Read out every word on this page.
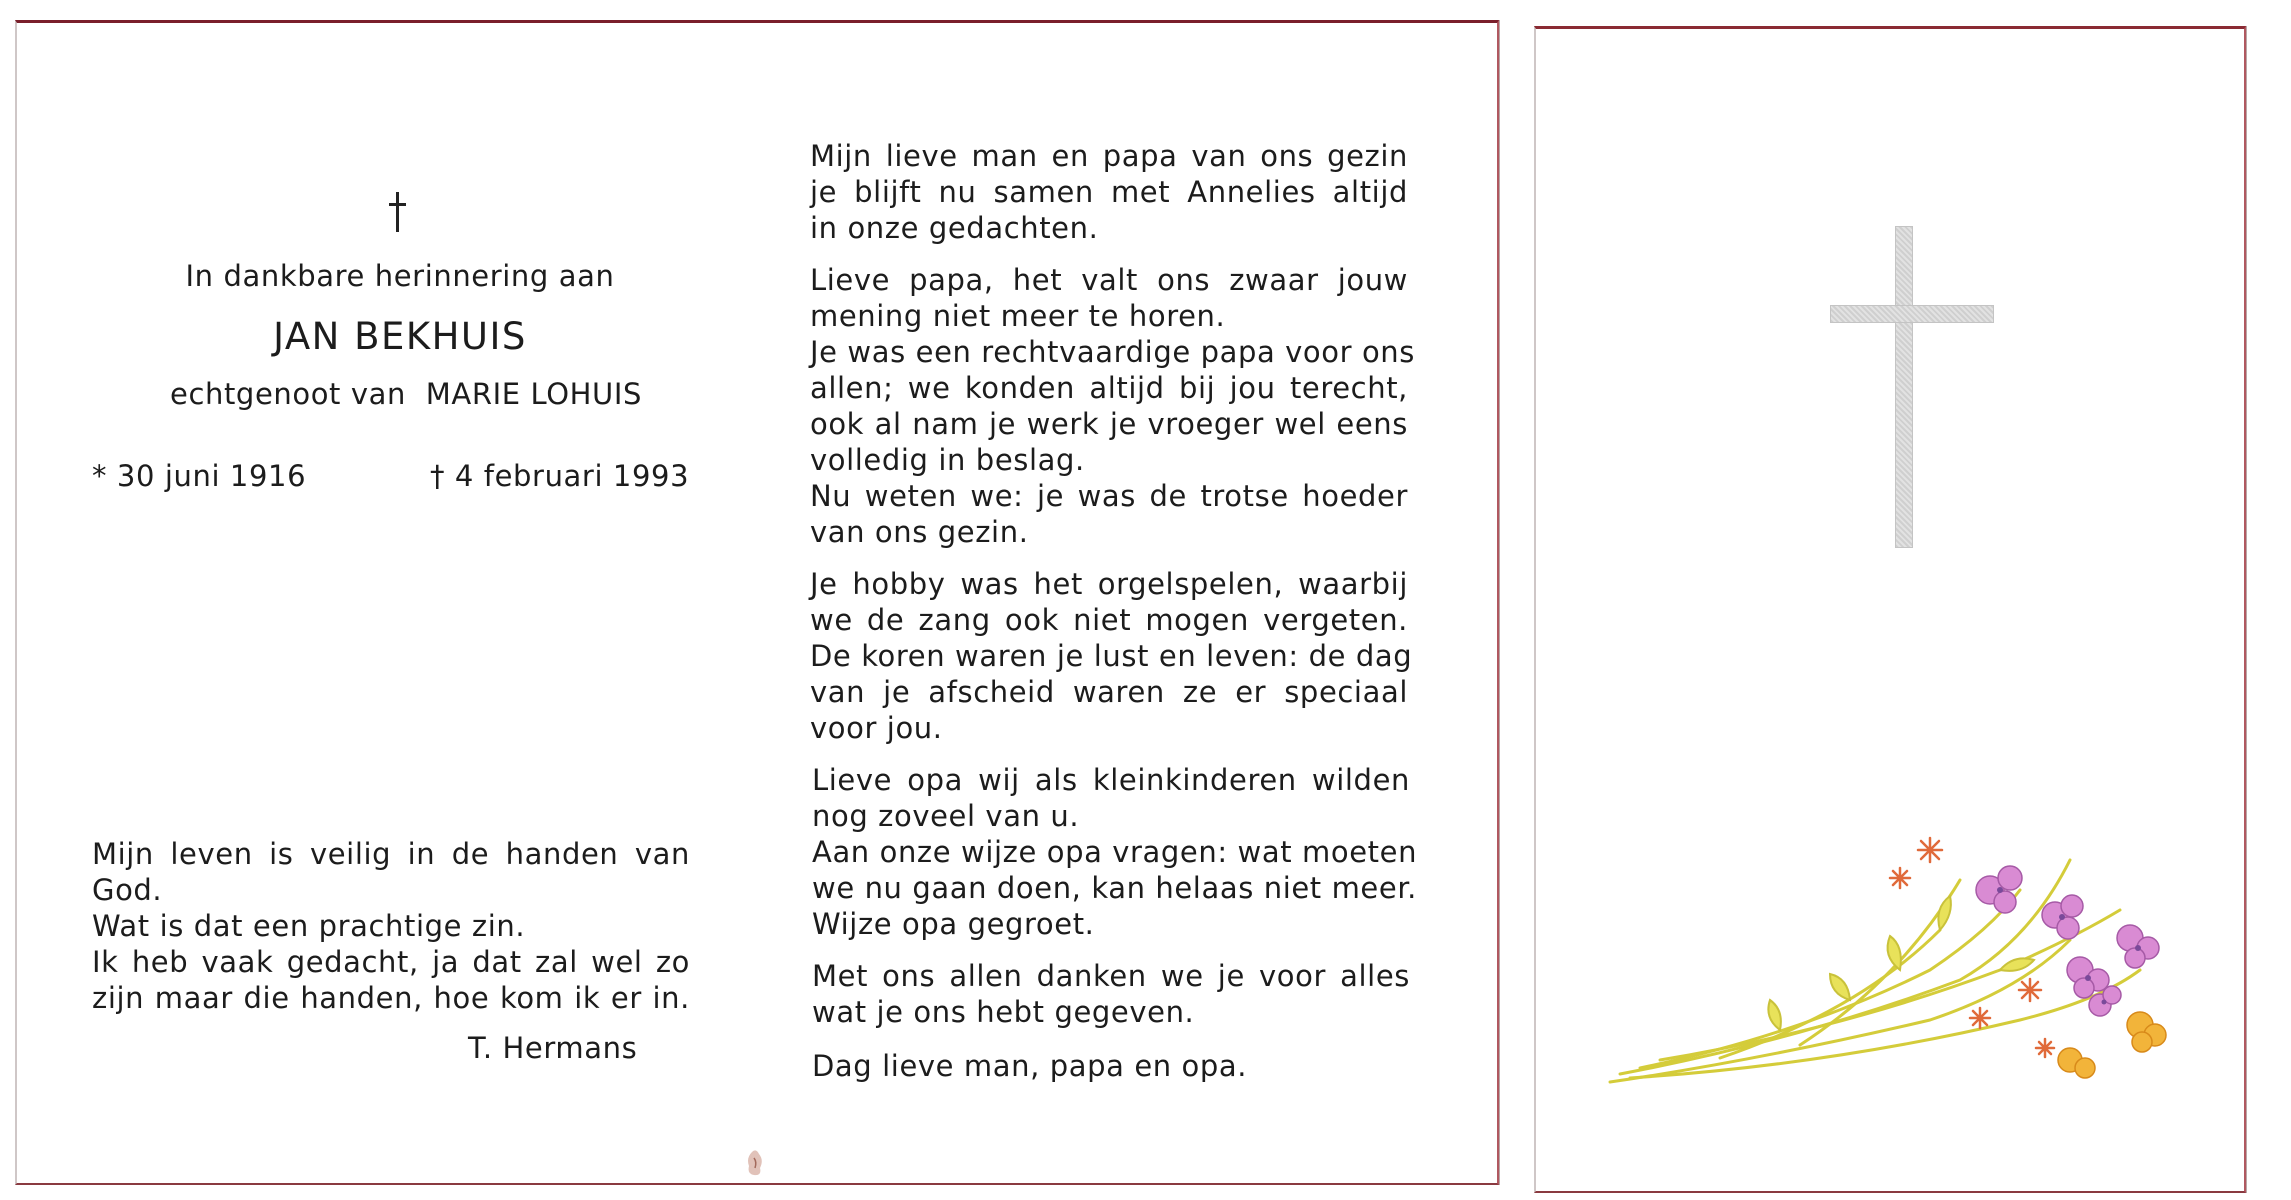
In dankbare herinnering aan
JAN BEKHUIS
echtgenoot van MARIE LOHUIS
* 30 juni 1916	† 4 februari 1993
Mijn leven is veilig in de handen van
God.
Wat is dat een prachtige zin.
Ik heb vaak gedacht, ja dat zal wel zo
zijn maar die handen, hoe kom ik er in.
T. Hermans
Mijn lieve man en papa van ons gezin
je blijft nu samen met Annelies altijd
in onze gedachten.
Lieve papa, het valt ons zwaar jouw
mening niet meer te horen.
Je was een rechtvaardige papa voor ons
allen; we konden altijd bij jou terecht,
ook al nam je werk je vroeger wel eens
volledig in beslag.
Nu weten we: je was de trotse hoeder
van ons gezin.
Je hobby was het orgelspelen, waarbij
we de zang ook niet mogen vergeten.
De koren waren je lust en leven: de dag
van je afscheid waren ze er speciaal
voor jou.
Lieve opa wij als kleinkinderen wilden
nog zoveel van u.
Aan onze wijze opa vragen: wat moeten
we nu gaan doen, kan helaas niet meer.
Wijze opa gegroet.
Met ons allen danken we je voor alles
wat je ons hebt gegeven.
Dag lieve man, papa en opa.
